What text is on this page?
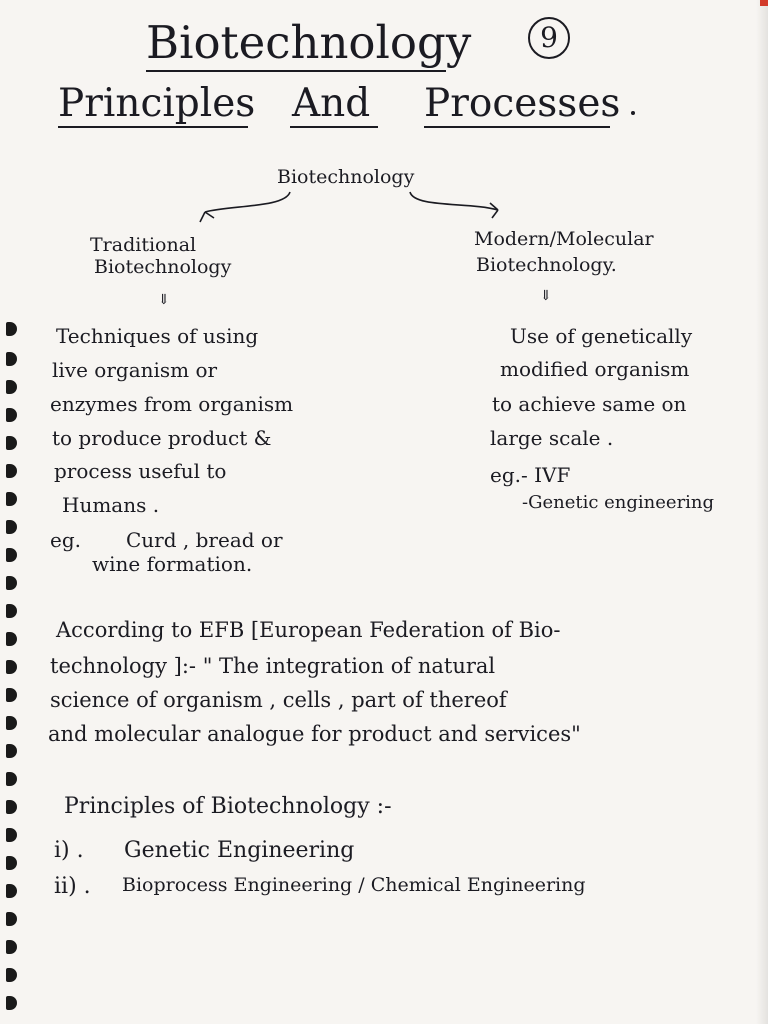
Biotechnology	9
Principles And Processes
Biotechnology
Traditional
Biotechnology
⇓
Techniques of using
live organism or
enzymes from organism
to produce product &
process useful to
Humans .
eg. Curd , bread or
wine formation.
Modern/Molecular
Biotechnology.
⇓
Use of genetically
modified organism
to achieve same on
large scale .
eg.- IVF
-Genetic engineering
According to EFB [European Federation of Bio-
technology ]:- " The integration of natural
science of organism , cells , part of thereof
and molecular analogue for product and services"
Principles of Biotechnology :-
i) . Genetic Engineering
ii) . Bioprocess Engineering / Chemical Engineering
